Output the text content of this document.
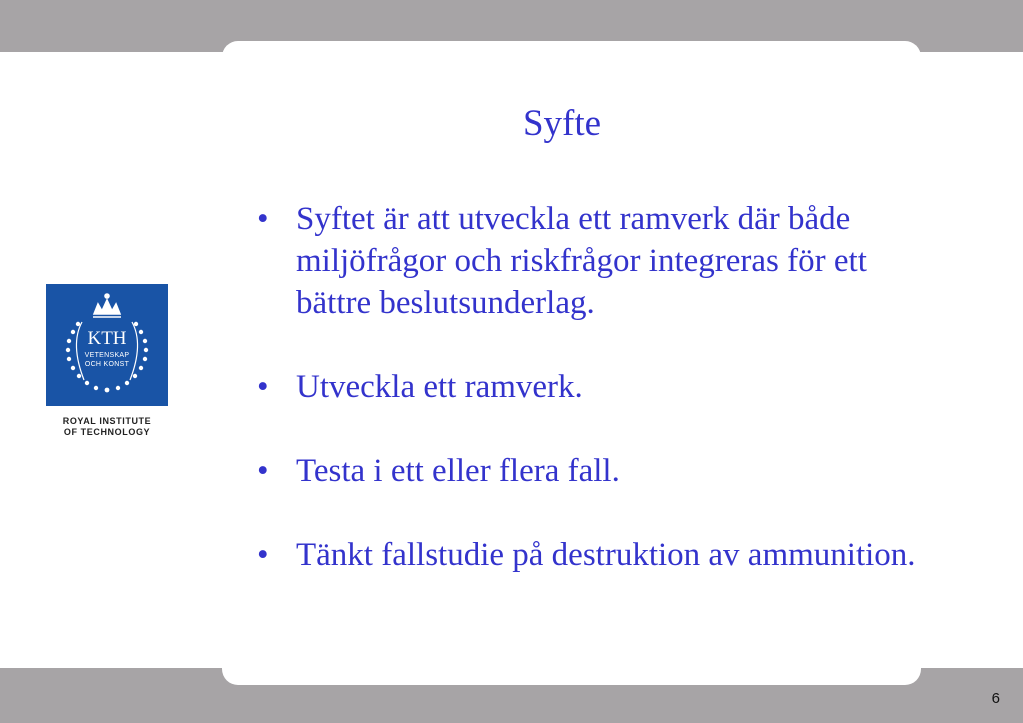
Syfte
• Syftet är att utveckla ett ramverk där både miljöfrågor och riskfrågor integreras för ett bättre beslutsunderlag.
• Utveckla ett ramverk.
• Testa i ett eller flera fall.
• Tänkt fallstudie på destruktion av ammunition.
KTH
VETENSKAP
OCH KONST
ROYAL INSTITUTE
OF TECHNOLOGY
6
